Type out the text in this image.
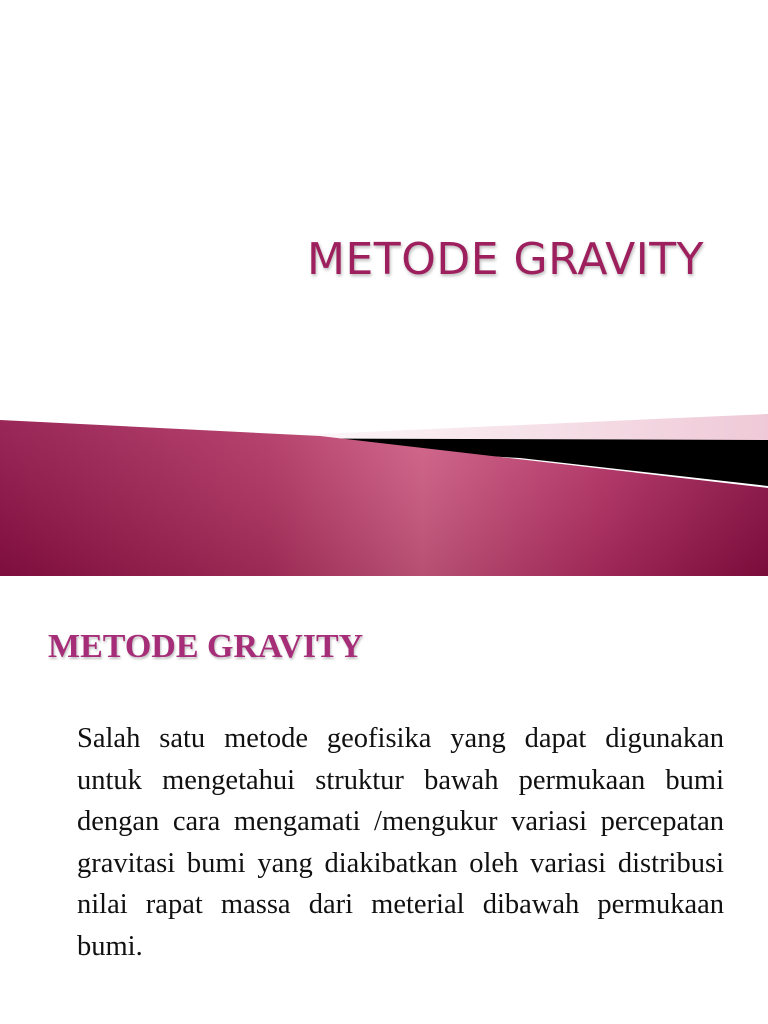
METODE GRAVITY
METODE GRAVITY

Salah satu metode geofisika yang dapat digunakan untuk mengetahui struktur bawah permukaan bumi dengan cara mengamati /mengukur variasi percepatan gravitasi bumi yang diakibatkan oleh variasi distribusi nilai rapat massa dari meterial dibawah permukaan bumi.
